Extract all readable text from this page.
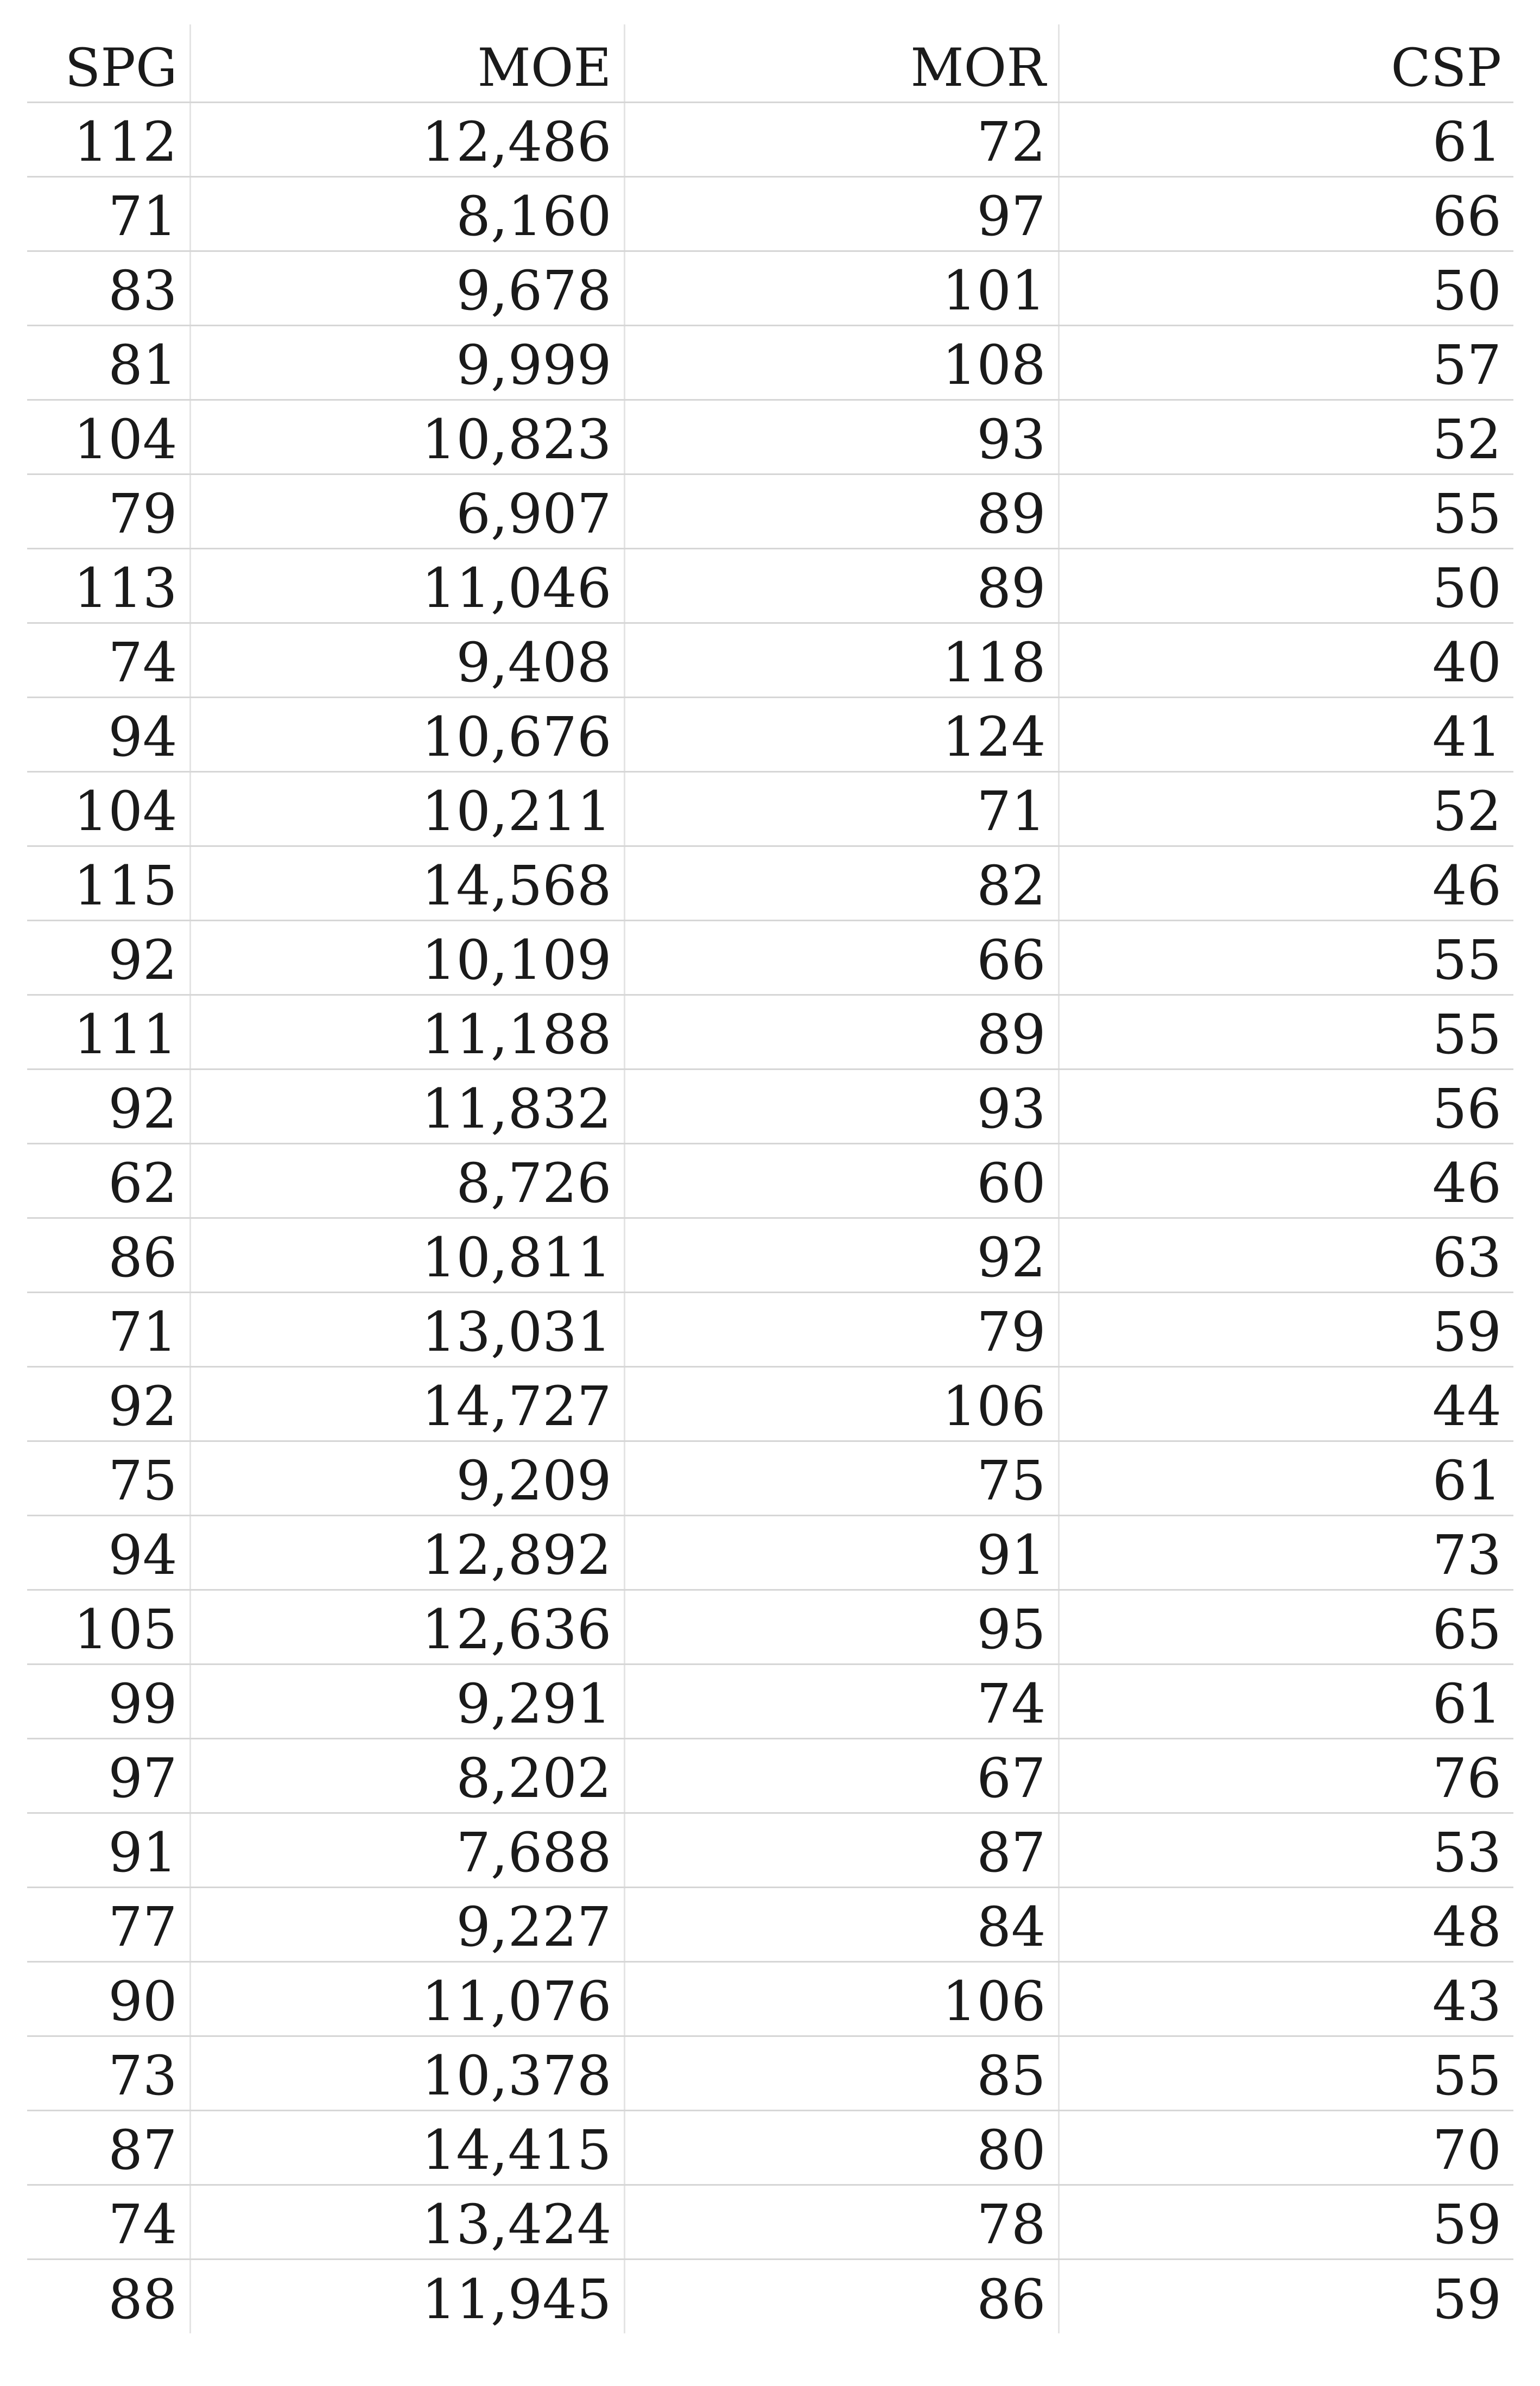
SPG	MOE	MOR	CSP
112	12,486	72	61
71	8,160	97	66
83	9,678	101	50
81	9,999	108	57
104	10,823	93	52
79	6,907	89	55
113	11,046	89	50
74	9,408	118	40
94	10,676	124	41
104	10,211	71	52
115	14,568	82	46
92	10,109	66	55
111	11,188	89	55
92	11,832	93	56
62	8,726	60	46
86	10,811	92	63
71	13,031	79	59
92	14,727	106	44
75	9,209	75	61
94	12,892	91	73
105	12,636	95	65
99	9,291	74	61
97	8,202	67	76
91	7,688	87	53
77	9,227	84	48
90	11,076	106	43
73	10,378	85	55
87	14,415	80	70
74	13,424	78	59
88	11,945	86	59
